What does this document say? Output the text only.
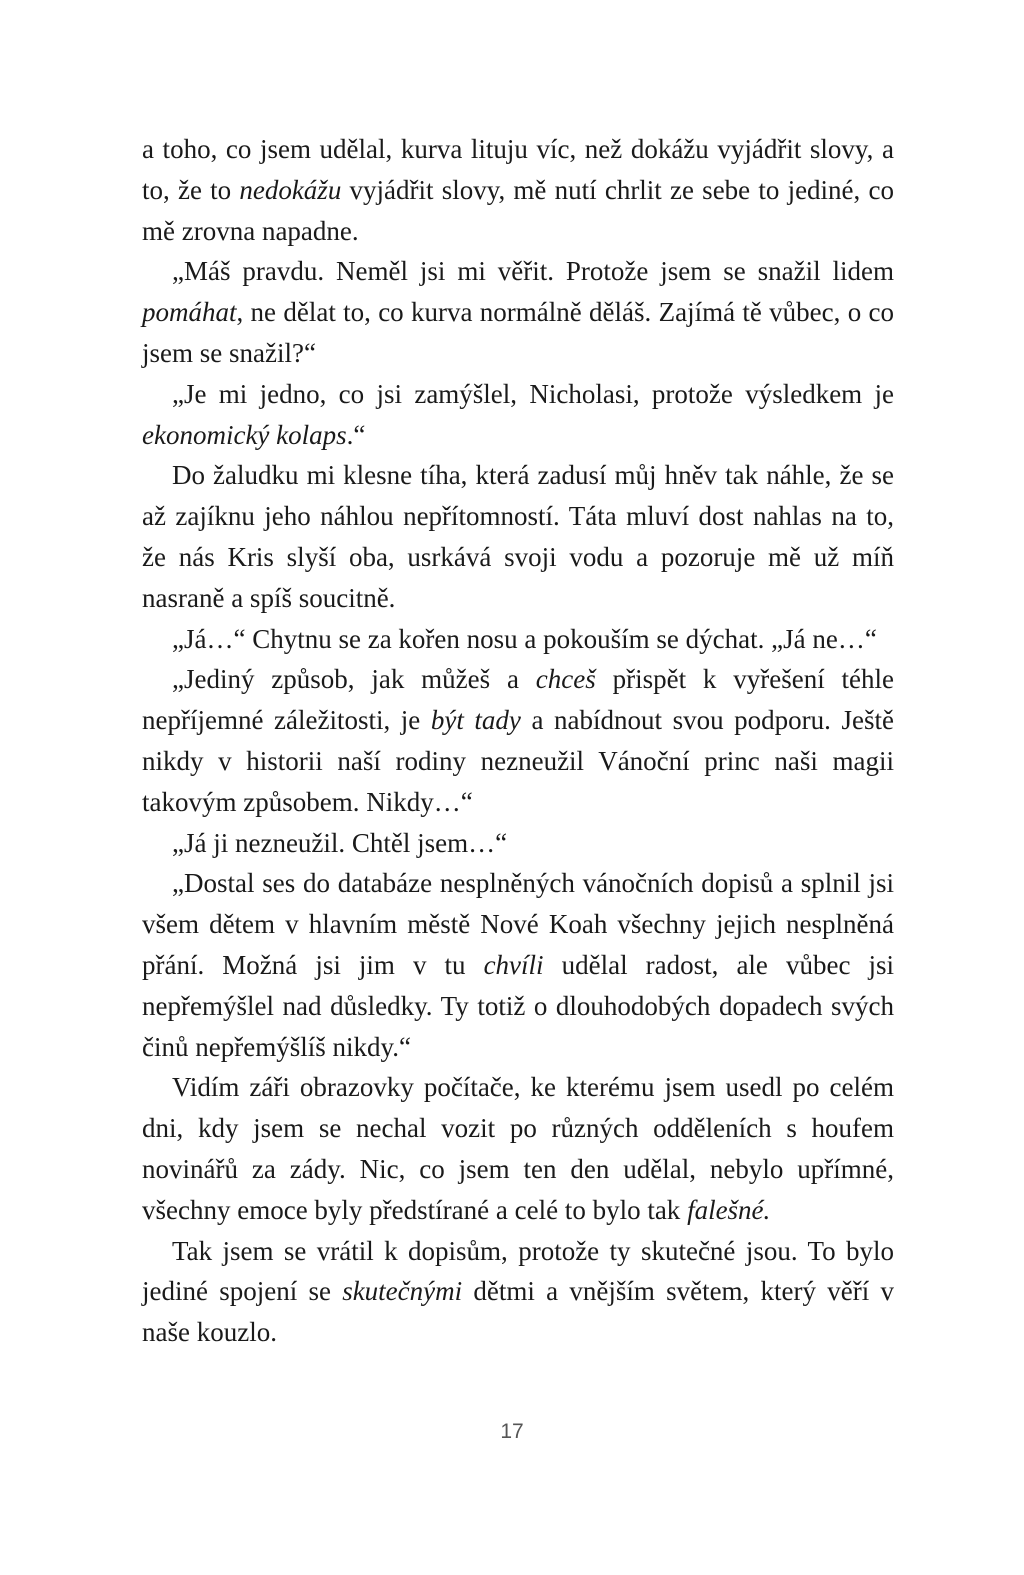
a toho, co jsem udělal, kurva lituju víc, než dokážu vyjádřit slovy, a to, že to nedokážu vyjádřit slovy, mě nutí chrlit ze sebe to jediné, co mě zrovna napadne.

„Máš pravdu. Neměl jsi mi věřit. Protože jsem se snažil lidem pomáhat, ne dělat to, co kurva normálně děláš. Zajímá tě vůbec, o co jsem se snažil?“

„Je mi jedno, co jsi zamýšlel, Nicholasi, protože výsledkem je ekonomický kolaps.“

Do žaludku mi klesne tíha, která zadusí můj hněv tak náhle, že se až zajíknu jeho náhlou nepřítomností. Táta mluví dost nahlas na to, že nás Kris slyší oba, usrkává svoji vodu a pozoruje mě už míň nasraně a spíš soucitně.

„Já…“ Chytnu se za kořen nosu a pokouším se dýchat. „Já ne…“

„Jediný způsob, jak můžeš a chceš přispět k vyřešení téhle nepříjemné záležitosti, je být tady a nabídnout svou podporu. Ještě nikdy v historii naší rodiny nezneužil Vánoční princ naši magii takovým způsobem. Nikdy…“

„Já ji nezneužil. Chtěl jsem…“

„Dostal ses do databáze nesplněných vánočních dopisů a splnil jsi všem dětem v hlavním městě Nové Koah všechny jejich nesplněná přání. Možná jsi jim v tu chvíli udělal radost, ale vůbec jsi nepřemýšlel nad důsledky. Ty totiž o dlouhodobých dopadech svých činů nepřemýšlíš nikdy.“

Vidím záři obrazovky počítače, ke kterému jsem usedl po celém dni, kdy jsem se nechal vozit po různých odděleních s houfem novinářů za zády. Nic, co jsem ten den udělal, nebylo upřímné, všechny emoce byly předstírané a celé to bylo tak falešné.

Tak jsem se vrátil k dopisům, protože ty skutečné jsou. To bylo jediné spojení se skutečnými dětmi a vnějším světem, který věří v naše kouzlo.

17
